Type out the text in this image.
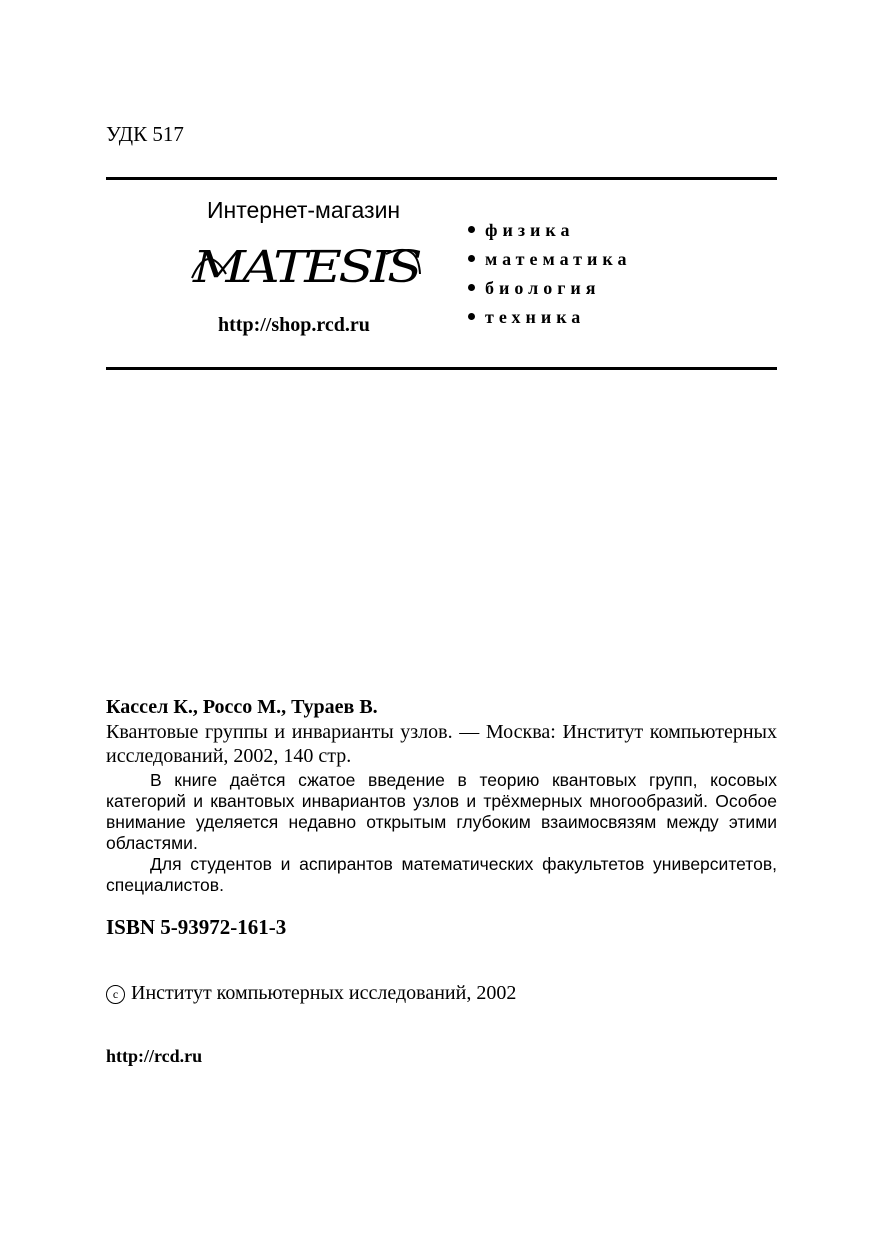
УДК 517
Интернет-магазин
MATESIS
http://shop.rcd.ru
физика
математика
биология
техника
Кассел К., Россо М., Тураев В.
Квантовые группы и инварианты узлов. — Москва: Институт компьютерных исследований, 2002, 140 стр.

В книге даётся сжатое введение в теорию квантовых групп, косовых категорий и квантовых инвариантов узлов и трёхмерных многообразий. Особое внимание уделяется недавно открытым глубоким взаимосвязям между этими областями.

Для студентов и аспирантов математических факультетов университетов, специалистов.

ISBN 5-93972-161-3
c Институт компьютерных исследований, 2002
http://rcd.ru
